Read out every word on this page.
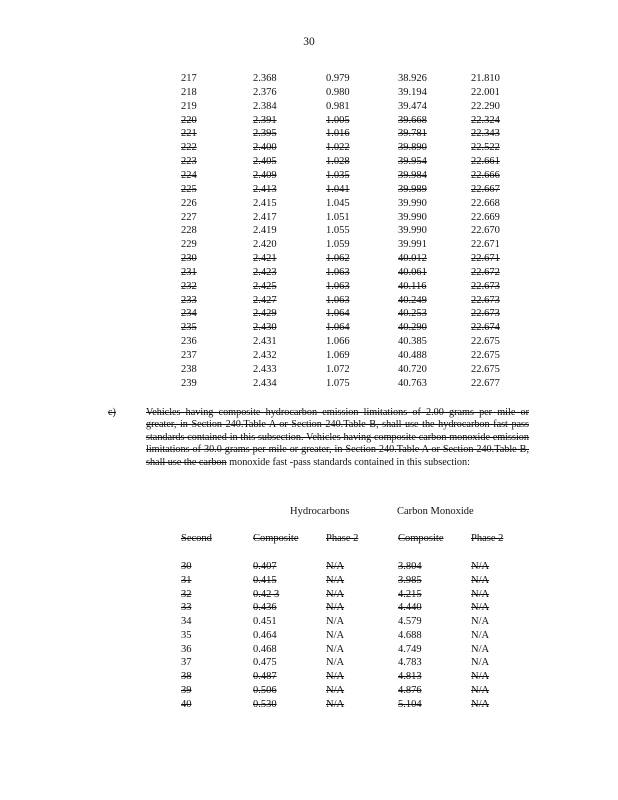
30
217	2.368	0.979	38.926	21.810
218	2.376	0.980	39.194	22.001
219	2.384	0.981	39.474	22.290
220	2.391	1.005	39.668	22.324
221	2.395	1.016	39.781	22.343
222	2.400	1.022	39.890	22.522
223	2.405	1.028	39.954	22.661
224	2.409	1.035	39.984	22.666
225	2.413	1.041	39.989	22.667
226	2.415	1.045	39.990	22.668
227	2.417	1.051	39.990	22.669
228	2.419	1.055	39.990	22.670
229	2.420	1.059	39.991	22.671
230	2.421	1.062	40.012	22.671
231	2.423	1.063	40.061	22.672
232	2.425	1.063	40.116	22.673
233	2.427	1.063	40.249	22.673
234	2.429	1.064	40.253	22.673
235	2.430	1.064	40.290	22.674
236	2.431	1.066	40.385	22.675
237	2.432	1.069	40.488	22.675
238	2.433	1.072	40.720	22.675
239	2.434	1.075	40.763	22.677
c)	Vehicles having composite hydrocarbon emission limitations of 2.00 grams per mile or greater, in Section 240.Table A or Section 240.Table B, shall use the hydrocarbon fast pass standards contained in this subsection. Vehicles having composite carbon monoxide emission limitations of 30.0 grams per mile or greater, in Section 240.Table A or Section 240.Table B, shall use the carbon monoxide fast -pass standards contained in this subsection:
Hydrocarbons	Carbon Monoxide
Second	Composite	Phase 2	Composite	Phase 2
30	0.407	N/A	3.804	N/A
31	0.415	N/A	3.985	N/A
32	0.42 3	N/A	4.215	N/A
33	0.436	N/A	4.440	N/A
34	0.451	N/A	4.579	N/A
35	0.464	N/A	4.688	N/A
36	0.468	N/A	4.749	N/A
37	0.475	N/A	4.783	N/A
38	0.487	N/A	4.813	N/A
39	0.506	N/A	4.876	N/A
40	0.530	N/A	5.104	N/A
